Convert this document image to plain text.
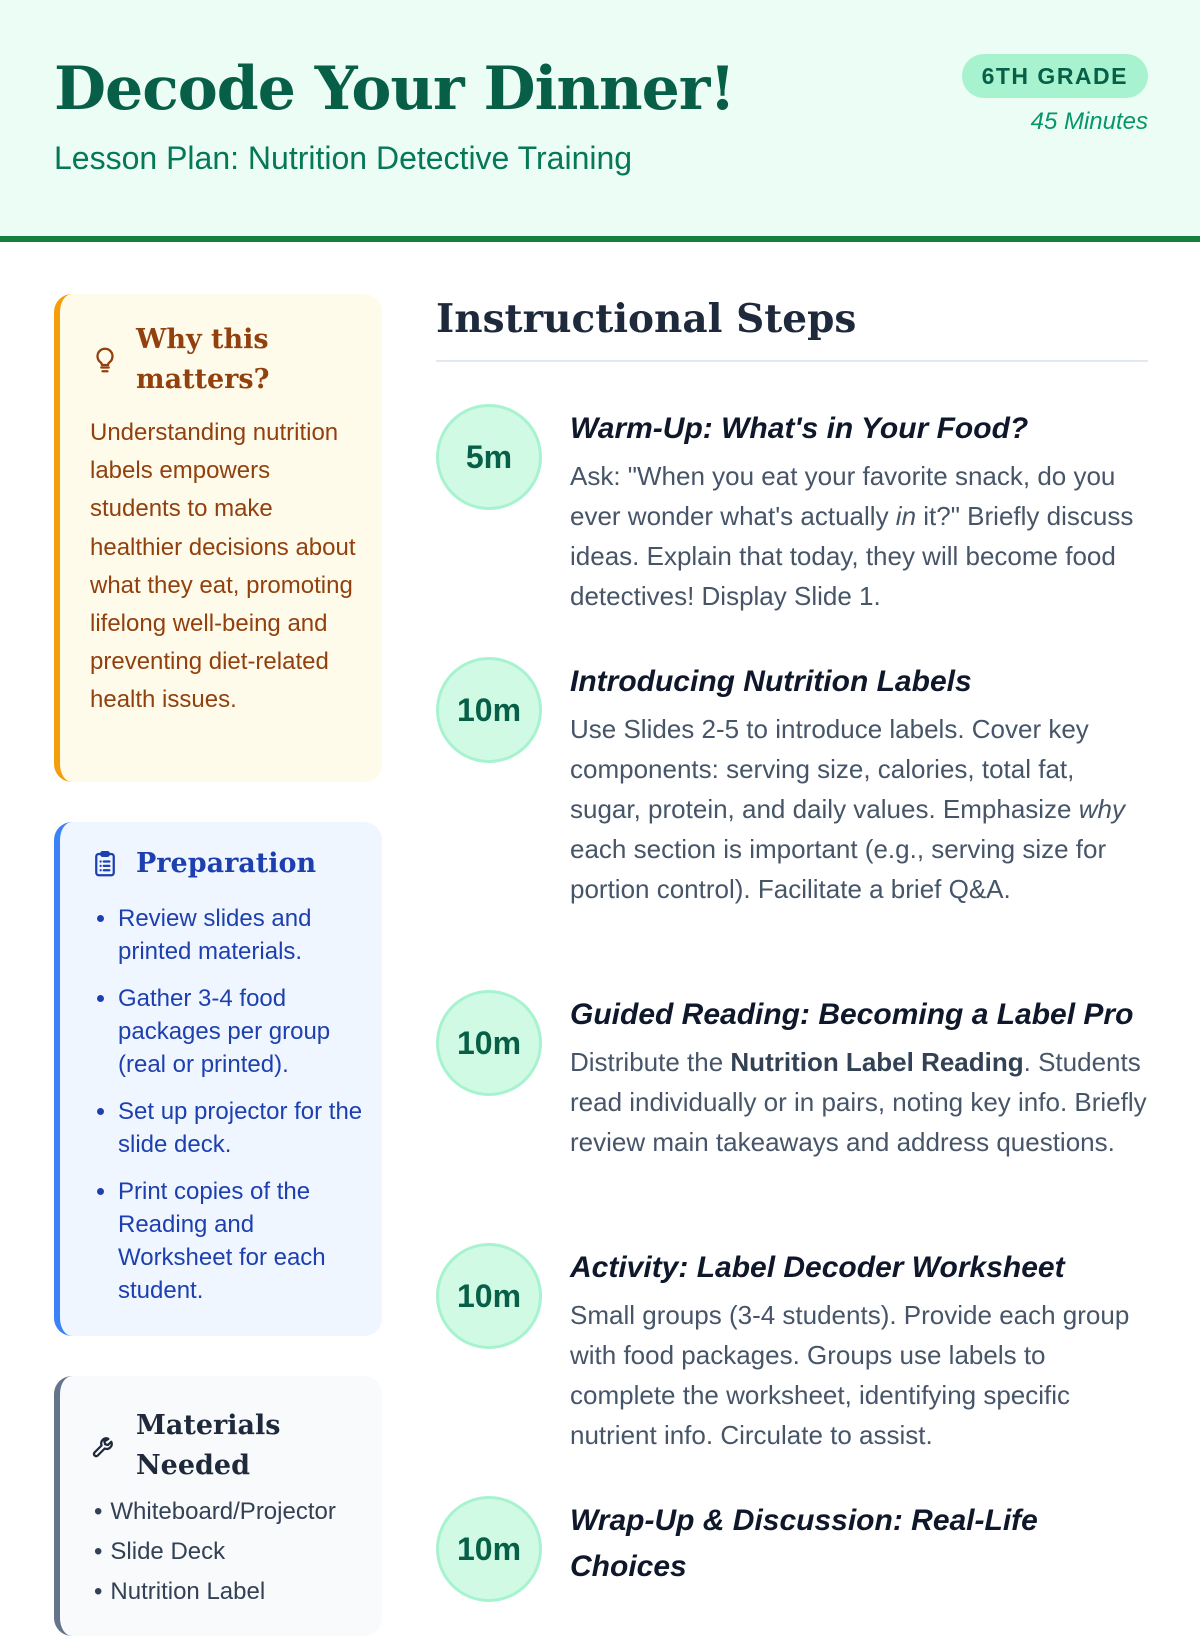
Decode Your Dinner!
Lesson Plan: Nutrition Detective Training
6TH GRADE
45 Minutes
Why this matters?

Understanding nutrition labels empowers students to make healthier decisions about what they eat, promoting lifelong well-being and preventing diet-related health issues.

Preparation
• Review slides and printed materials.
• Gather 3-4 food packages per group (real or printed).
• Set up projector for the slide deck.
• Print copies of the Reading and Worksheet for each student.
Materials Needed
• Whiteboard/Projector
• Slide Deck
• Nutrition Label
Instructional Steps
5m
Warm-Up: What's in Your Food?

Ask: "When you eat your favorite snack, do you ever wonder what's actually in it?" Briefly discuss ideas. Explain that today, they will become food detectives! Display Slide 1.

10m
Introducing Nutrition Labels

Use Slides 2-5 to introduce labels. Cover key components: serving size, calories, total fat, sugar, protein, and daily values. Emphasize why each section is important (e.g., serving size for portion control). Facilitate a brief Q&A.

10m
Guided Reading: Becoming a Label Pro

Distribute the Nutrition Label Reading. Students read individually or in pairs, noting key info. Briefly review main takeaways and address questions.

10m
Activity: Label Decoder Worksheet

Small groups (3-4 students). Provide each group with food packages. Groups use labels to complete the worksheet, identifying specific nutrient info. Circulate to assist.

10m
Wrap-Up & Discussion: Real-Life Choices
